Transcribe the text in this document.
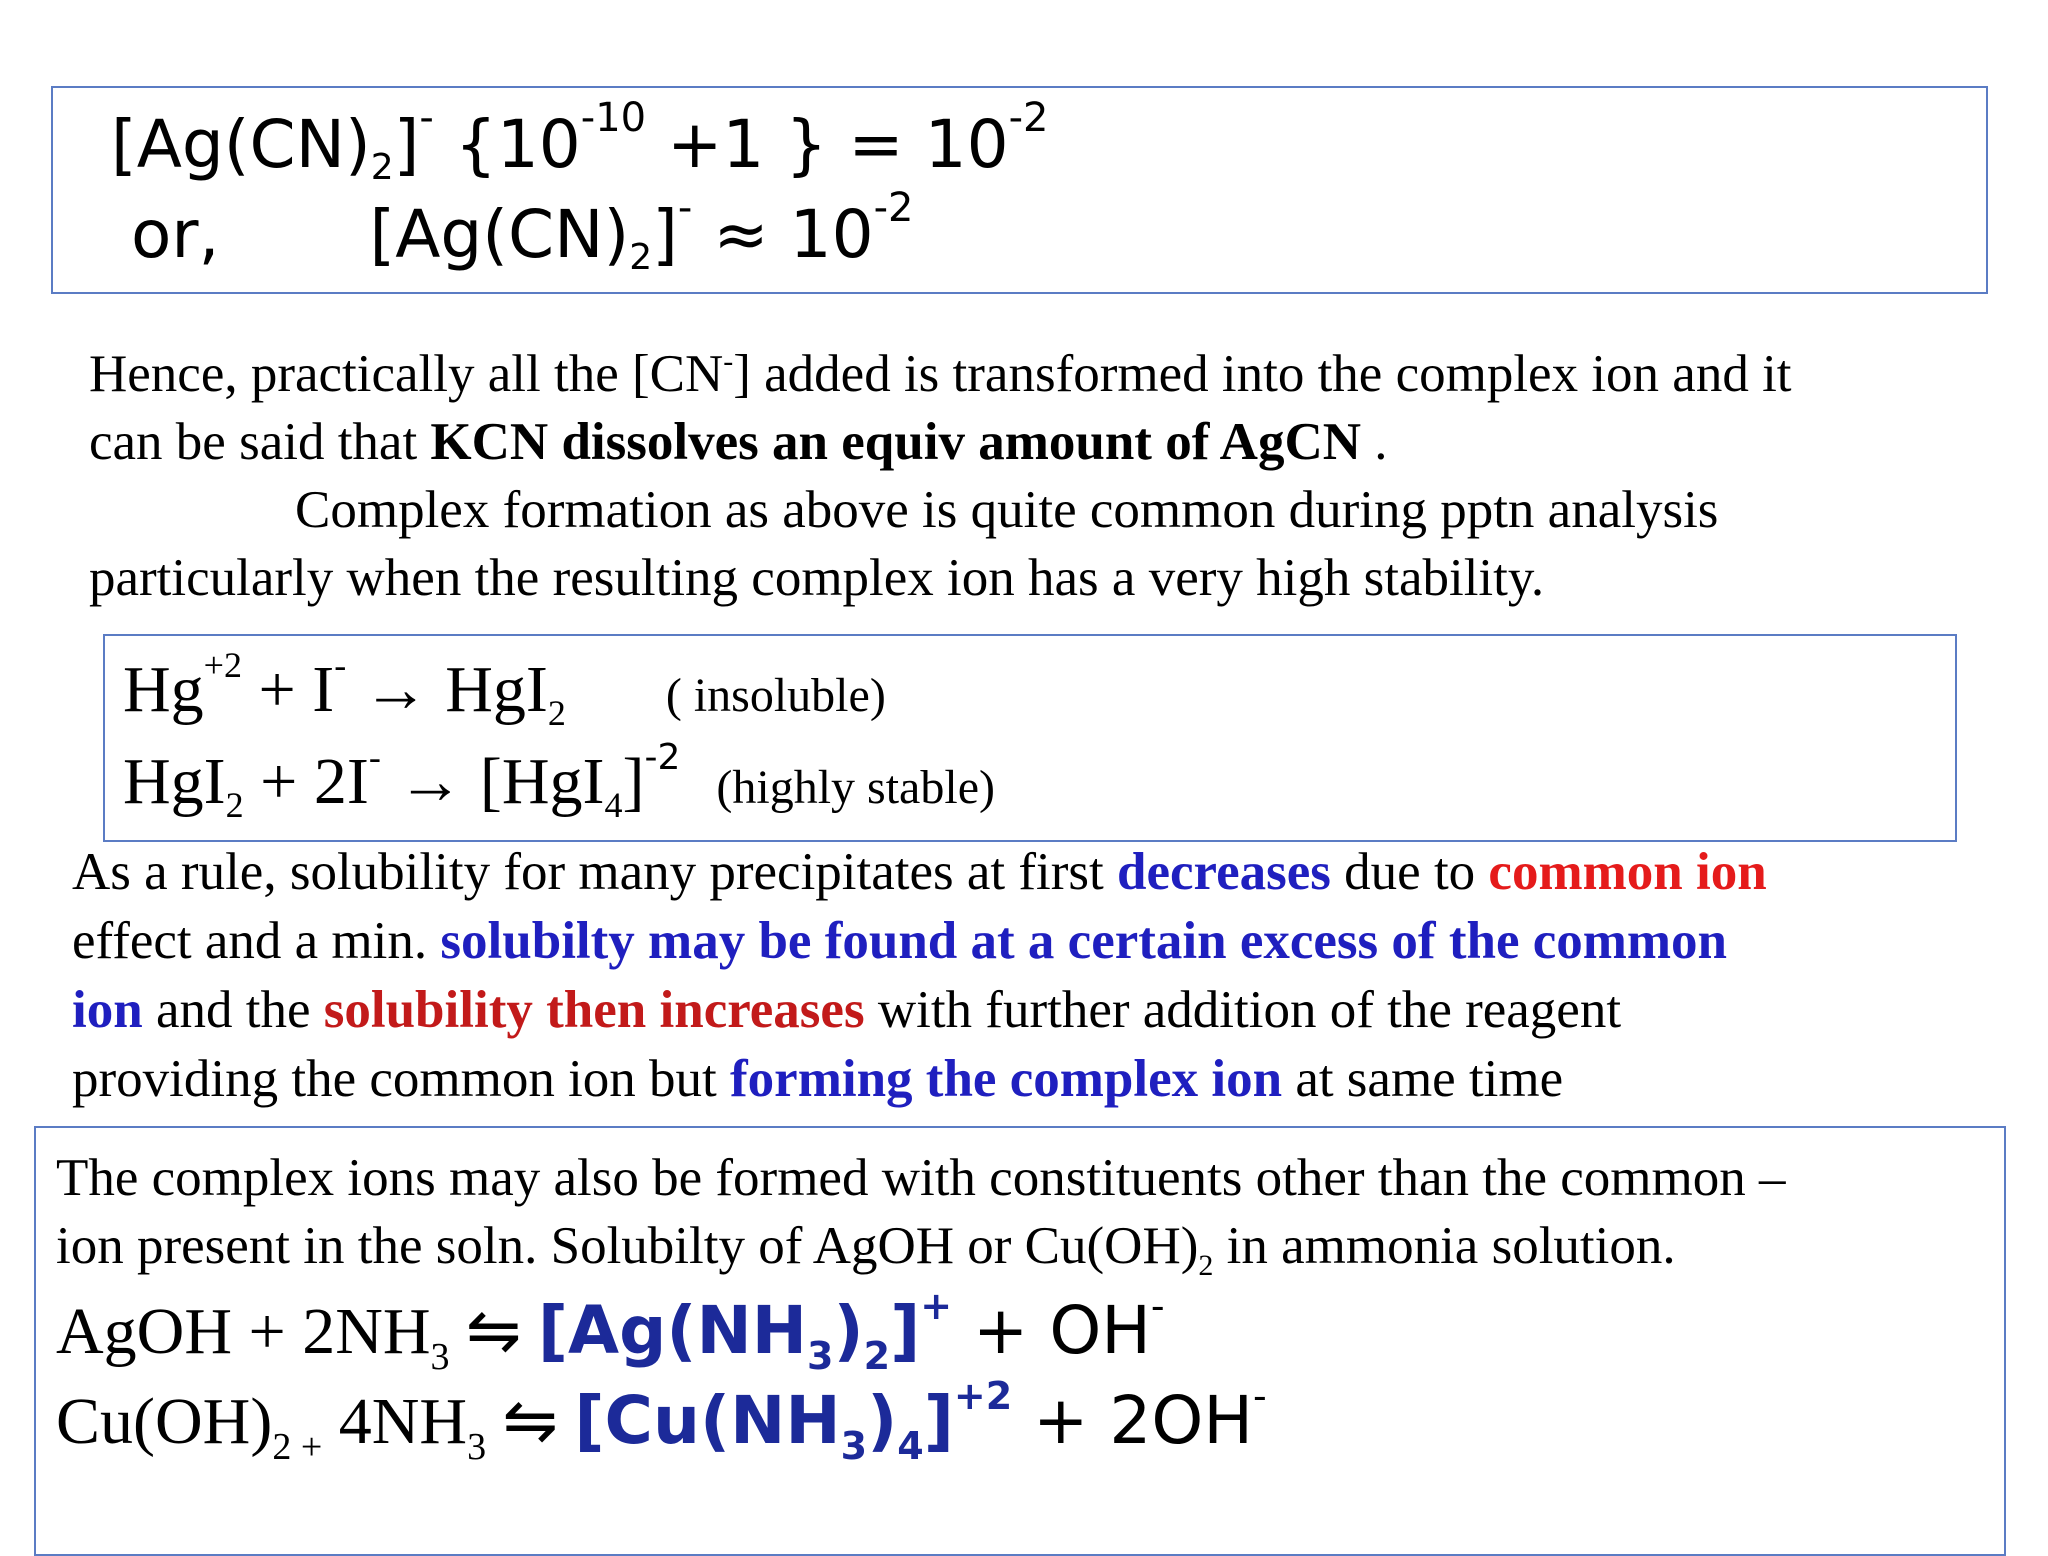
$[Ag(CN)_2]^-$ {$10^{-10} +1$ } = $10^{-2}$
or, $[Ag(CN)_2]^- \approx 10^{-2}$
Hence, practically all the [CN-] added is transformed into the complex ion and it
can be said that KCN dissolves an equiv amount of AgCN .
Complex formation as above is quite common during pptn analysis
particularly when the resulting complex ion has a very high stability.
$Hg^{+2} + I^- \to HgI_2$ ( insoluble)
$HgI_2 + 2I^- \to [HgI_4]^{-2}(highly$ stable)
As a rule, solubility for many precipitates at first decreases due to common ion
effect and a min. solubilty may be found at a certain excess of the common
ion and the solubility then increases with further addition of the reagent
providing the common ion but forming the complex ion at same time
The complex ions may also be formed with constituents other than the common –
ion present in the soln. Solubilty of AgOH or $Cu(OH)_2$ in ammonia solution.
AgOH + $2NH_3$ ⇋ $[Ag(NH_3)_2]^+ + OH^-$
$Cu(OH)_{2 +}$ $4NH_3$ ⇋ $[Cu(NH_3)_4]^{+2} + 2OH^-$
